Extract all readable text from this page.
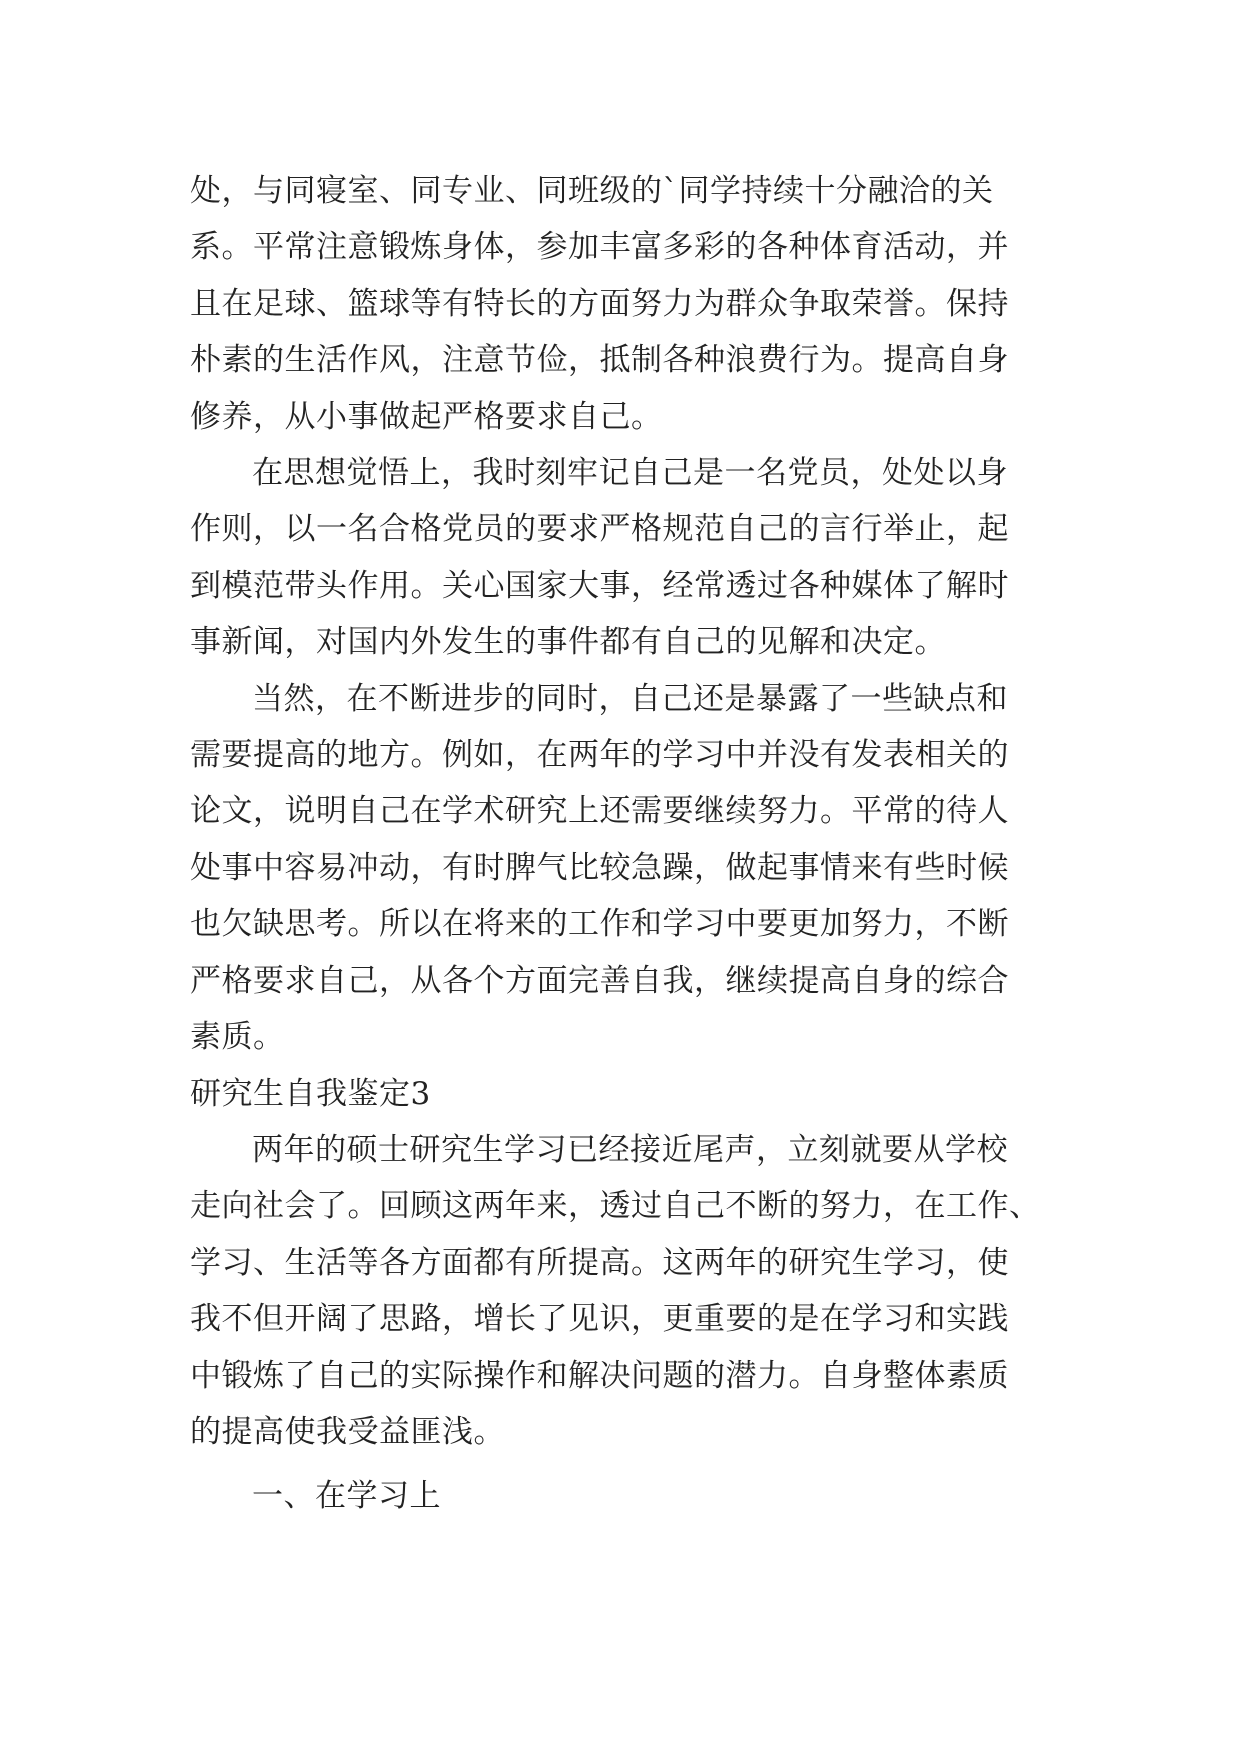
处，与同寝室、同专业、同班级的`同学持续十分融洽的关
系。平常注意锻炼身体，参加丰富多彩的各种体育活动，并
且在足球、篮球等有特长的方面努力为群众争取荣誉。保持
朴素的生活作风，注意节俭，抵制各种浪费行为。提高自身
修养，从小事做起严格要求自己。
在思想觉悟上，我时刻牢记自己是一名党员，处处以身
作则，以一名合格党员的要求严格规范自己的言行举止，起
到模范带头作用。关心国家大事，经常透过各种媒体了解时
事新闻，对国内外发生的事件都有自己的见解和决定。
当然，在不断进步的同时，自己还是暴露了一些缺点和
需要提高的地方。例如，在两年的学习中并没有发表相关的
论文，说明自己在学术研究上还需要继续努力。平常的待人
处事中容易冲动，有时脾气比较急躁，做起事情来有些时候
也欠缺思考。所以在将来的工作和学习中要更加努力，不断
严格要求自己，从各个方面完善自我，继续提高自身的综合
素质。
研究生自我鉴定3
两年的硕士研究生学习已经接近尾声，立刻就要从学校
走向社会了。回顾这两年来，透过自己不断的努力，在工作、
学习、生活等各方面都有所提高。这两年的研究生学习，使
我不但开阔了思路，增长了见识，更重要的是在学习和实践
中锻炼了自己的实际操作和解决问题的潜力。自身整体素质
的提高使我受益匪浅。
一、在学习上
